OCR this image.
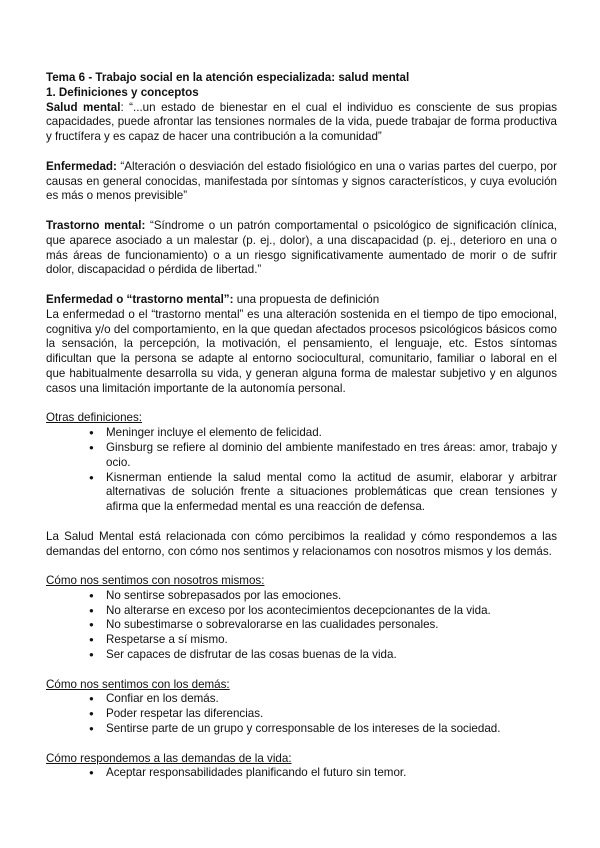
Tema 6 - Trabajo social en la atención especializada: salud mental

1. Definiciones y conceptos

Salud mental: “...un estado de bienestar en el cual el individuo es consciente de sus propias capacidades, puede afrontar las tensiones normales de la vida, puede trabajar de forma productiva y fructífera y es capaz de hacer una contribución a la comunidad”

Enfermedad: “Alteración o desviación del estado fisiológico en una o varias partes del cuerpo, por causas en general conocidas, manifestada por síntomas y signos característicos, y cuya evolución es más o menos previsible”

Trastorno mental: “Síndrome o un patrón comportamental o psicológico de significación clínica, que aparece asociado a un malestar (p. ej., dolor), a una discapacidad (p. ej., deterioro en una o más áreas de funcionamiento) o a un riesgo significativamente aumentado de morir o de sufrir dolor, discapacidad o pérdida de libertad.”

Enfermedad o “trastorno mental”: una propuesta de definición

La enfermedad o el “trastorno mental” es una alteración sostenida en el tiempo de tipo emocional, cognitiva y/o del comportamiento, en la que quedan afectados procesos psicológicos básicos como la sensación, la percepción, la motivación, el pensamiento, el lenguaje, etc. Estos síntomas dificultan que la persona se adapte al entorno sociocultural, comunitario, familiar o laboral en el que habitualmente desarrolla su vida, y generan alguna forma de malestar subjetivo y en algunos casos una limitación importante de la autonomía personal.

Otras definiciones:

● Meninger incluye el elemento de felicidad.
● Ginsburg se refiere al dominio del ambiente manifestado en tres áreas: amor, trabajo y ocio.
● Kisnerman entiende la salud mental como la actitud de asumir, elaborar y arbitrar alternativas de solución frente a situaciones problemáticas que crean tensiones y afirma que la enfermedad mental es una reacción de defensa.

La Salud Mental está relacionada con cómo percibimos la realidad y cómo respondemos a las demandas del entorno, con cómo nos sentimos y relacionamos con nosotros mismos y los demás.

Cómo nos sentimos con nosotros mismos:

● No sentirse sobrepasados por las emociones.
● No alterarse en exceso por los acontecimientos decepcionantes de la vida.
● No subestimarse o sobrevalorarse en las cualidades personales.
● Respetarse a sí mismo.
● Ser capaces de disfrutar de las cosas buenas de la vida.

Cómo nos sentimos con los demás:

● Confiar en los demás.
● Poder respetar las diferencias.
● Sentirse parte de un grupo y corresponsable de los intereses de la sociedad.

Cómo respondemos a las demandas de la vida:

● Aceptar responsabilidades planificando el futuro sin temor.
